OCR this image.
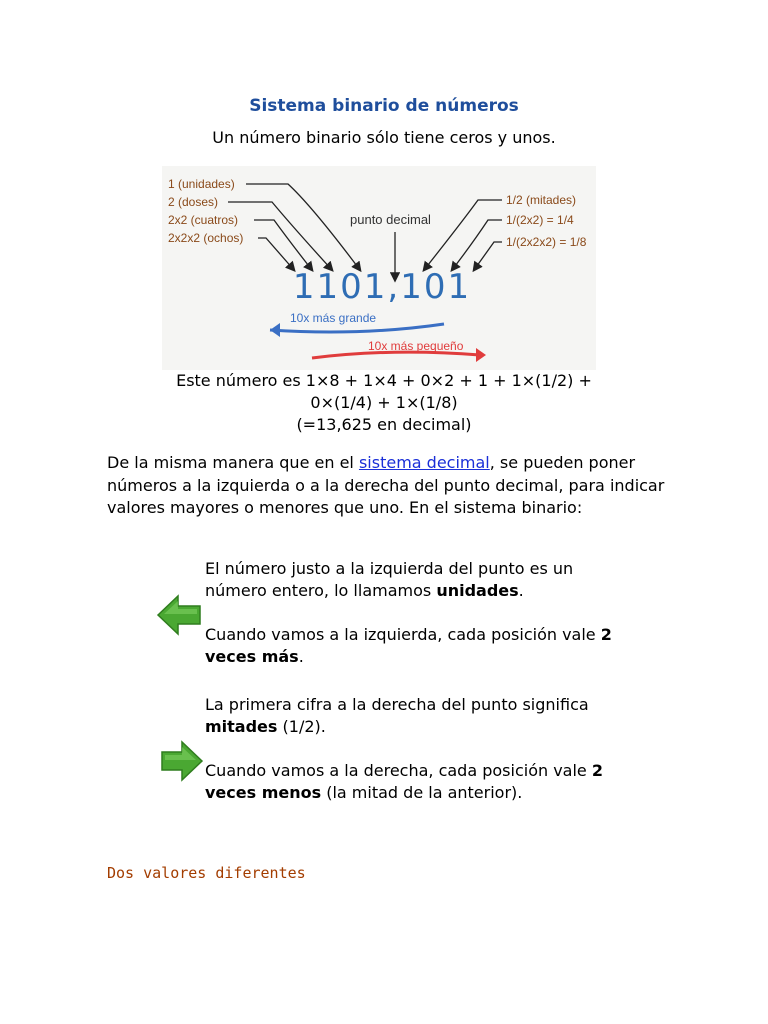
Sistema binario de números
Un número binario sólo tiene ceros y unos.
1 (unidades)
2 (doses)
2x2 (cuatros)
2x2x2 (ochos)
punto decimal
1/2 (mitades)
1/(2x2) = 1/4
1/(2x2x2) = 1/8
1101,101
10x más grande
10x más pequeño
Este número es 1×8 + 1×4 + 0×2 + 1 + 1×(1/2) +
0×(1/4) + 1×(1/8)
(=13,625 en decimal)
De la misma manera que en el sistema decimal, se pueden poner números a la izquierda o a la derecha del punto decimal, para indicar valores mayores o menores que uno. En el sistema binario:
El número justo a la izquierda del punto es un número entero, lo llamamos unidades.
Cuando vamos a la izquierda, cada posición vale 2 veces más.
La primera cifra a la derecha del punto significa mitades (1/2).
Cuando vamos a la derecha, cada posición vale 2 veces menos (la mitad de la anterior).
Dos valores diferentes
